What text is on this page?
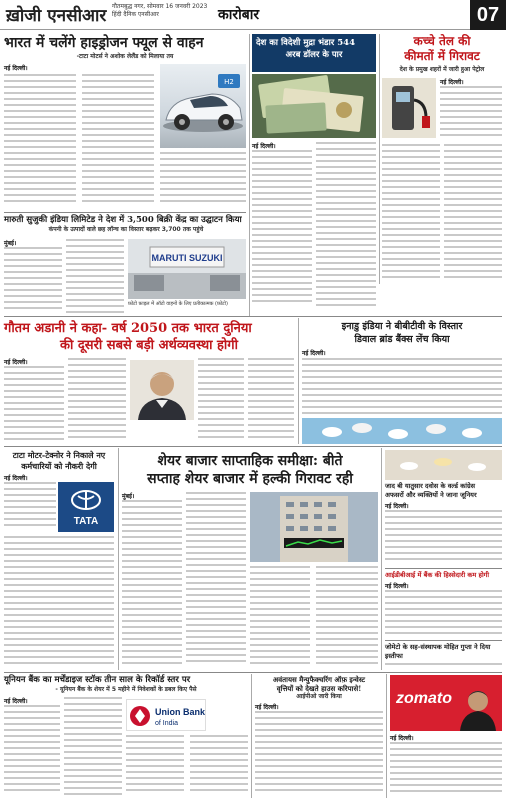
ख़ोजी एनसीआर गौतमबुद्ध नगर, सोमवार 16 जनवरी 2023
हिंदी दैनिक एनसीआर	कारोबार	07
भारत में चलेंगे हाइड्रोजन फ्यूल से वाहन
-टाटा मोटर्स ने अशोक लेलैंड को मिलाया तय
नई दिल्ली।
H2
देश का विदेशी मुद्रा भंडार 544
अरब डॉलर के पार
नई दिल्ली।
कच्चे तेल की
कीमतों में गिरावट
देश के प्रमुख शहरों में जारी हुआ पेट्रोल
नई दिल्ली।
मारुती सुजुकी इंडिया लिमिटेड ने देश में 3,500 बिक्री केंद्र का उद्घाटन किया
कंपनी के उत्पादों वाले छह लॉन्च का विस्तार बढ़कर 3,700 तक पहुंचे
मुंबई।
MARUTI SUZUKI
फ़ोटो फ़ाइल में ऑटो वाहनों के लिए प्रतीकात्मक (फ़ोटो)
गौतम अडानी ने कहा- वर्ष 2050 तक भारत दुनिया
की दूसरी सबसे बड़ी अर्थव्यवस्था होगी
नई दिल्ली।
इनाडु इंडिया ने बीबीटीवी के विस्तार
डिवाल ब्रांड बैंक्स लेंच किया
नई दिल्ली।
टाटा मोटर-टेक्नोर ने निकाले नए
कर्मचारियों को नौकरी देगी
नई दिल्ली।
TATA
शेयर बाजार साप्ताहिक समीक्षा: बीते
सप्ताह शेयर बाजार में हल्की गिरावट रही
मुंबई।
जाद बी यातुसार दवोस के वर्ल्ड कांग्रेस
अफसरों और व्यक्तियों ने जाना जूनियर
नई दिल्ली।
आईडीबीआई में बैंक की हिस्सेदारी कम होगी
नई दिल्ली।
जोमेटो के सह-संस्थापक मोहित गुप्ता ने दिया इस्तीफा
यूनियन बैंक का मर्चेंडाइज स्टॉक तीन साल के रिकॉर्ड स्तर पर
- यूनियन बैंक के शेयर में 5 महीने में निवेशकों के डबल किए पैसे
नई दिल्ली।
Union Bank
of India
अवंतायस मैन्युफैक्चरिंग ऑफ़ इन्वेस्ट
वृत्तियों को देखते हाउस करिपासे!
आईपीओ जारी किया
नई दिल्ली।
zomato
नई दिल्ली।
